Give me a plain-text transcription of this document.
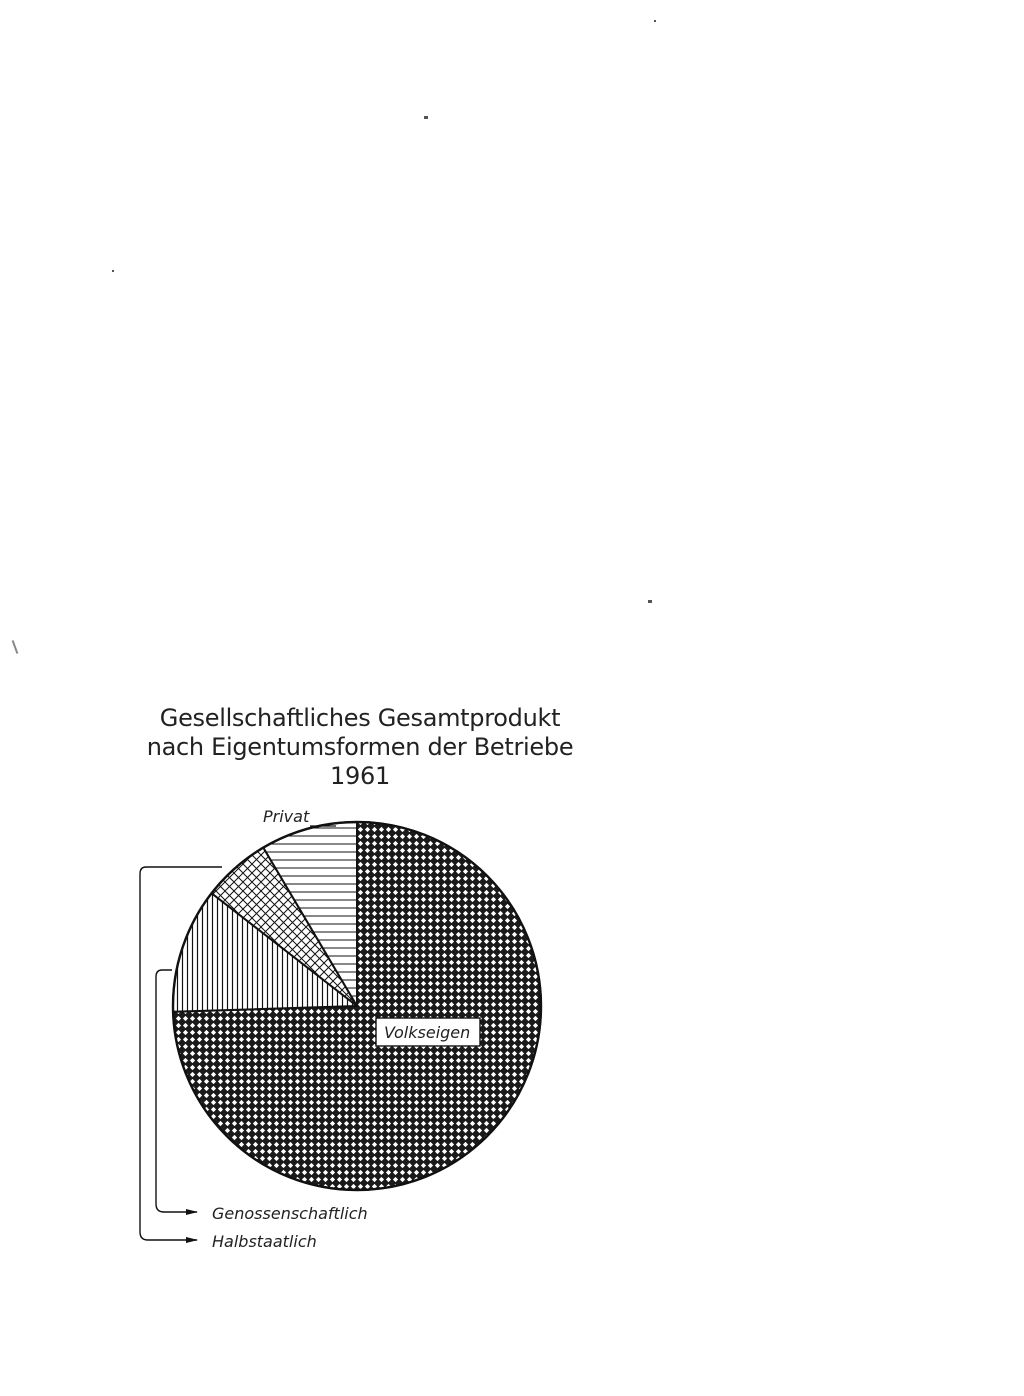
Gesellschaftliches Gesamtprodukt
nach Eigentumsformen der Betriebe
1961
Privat
Volkseigen
Genossenschaftlich
Halbstaatlich
